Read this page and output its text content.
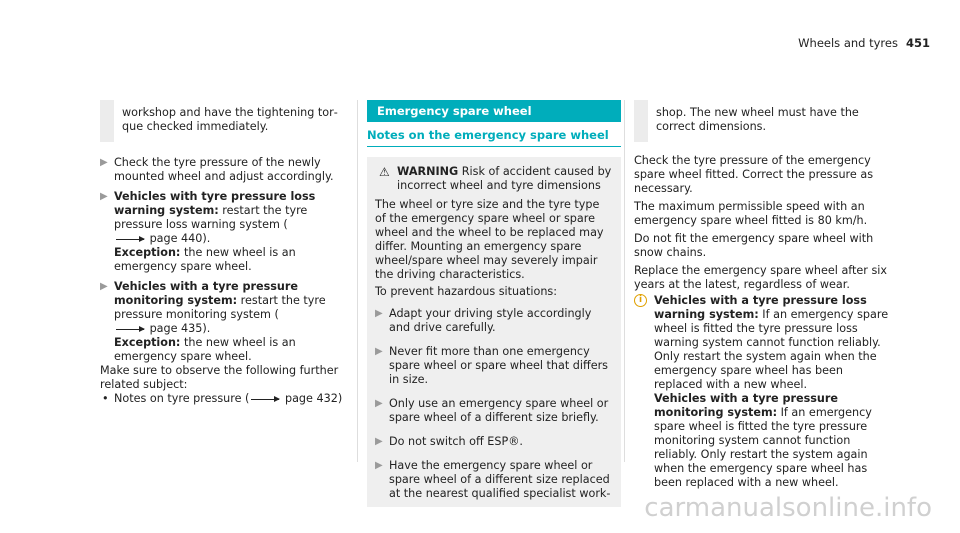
Wheels and tyres 451
workshop and have the tightening torque checked immediately.

▶ Check the tyre pressure of the newly mounted wheel and adjust accordingly.

▶ Vehicles with tyre pressure loss warning system: restart the tyre pressure loss warning system ( page 440).
Exception: the new wheel is an emergency spare wheel.

▶ Vehicles with a tyre pressure monitoring system: restart the tyre pressure monitoring system ( page 435).
Exception: the new wheel is an emergency spare wheel.

Make sure to observe the following further related subject:

• Notes on tyre pressure (	page 432)

Emergency spare wheel
Notes on the emergency spare wheel
⚠ WARNING Risk of accident caused by incorrect wheel and tyre dimensions

The wheel or tyre size and the tyre type of the emergency spare wheel or spare wheel and the wheel to be replaced may differ. Mounting an emergency spare wheel/spare wheel may severely impair the driving characteristics.

To prevent hazardous situations:

▶ Adapt your driving style accordingly and drive carefully.

▶ Never fit more than one emergency spare wheel or spare wheel that differs in size.

▶ Only use an emergency spare wheel or spare wheel of a different size briefly.

▶ Do not switch off ESP®.

▶ Have the emergency spare wheel or spare wheel of a different size replaced at the nearest qualified specialist work-

shop. The new wheel must have the correct dimensions.

Check the tyre pressure of the emergency spare wheel fitted. Correct the pressure as necessary.

The maximum permissible speed with an emergency spare wheel fitted is 80 km/h.

Do not fit the emergency spare wheel with snow chains.

Replace the emergency spare wheel after six years at the latest, regardless of wear.

i	Vehicles with a tyre pressure loss warning system: If an emergency spare wheel is fitted the tyre pressure loss warning system cannot function reliably. Only restart the system again when the emergency spare wheel has been replaced with a new wheel.
Vehicles with a tyre pressure monitoring system: If an emergency spare wheel is fitted the tyre pressure monitoring system cannot function reliably. Only restart the system again when the emergency spare wheel has been replaced with a new wheel.
carmanualsonline.info
